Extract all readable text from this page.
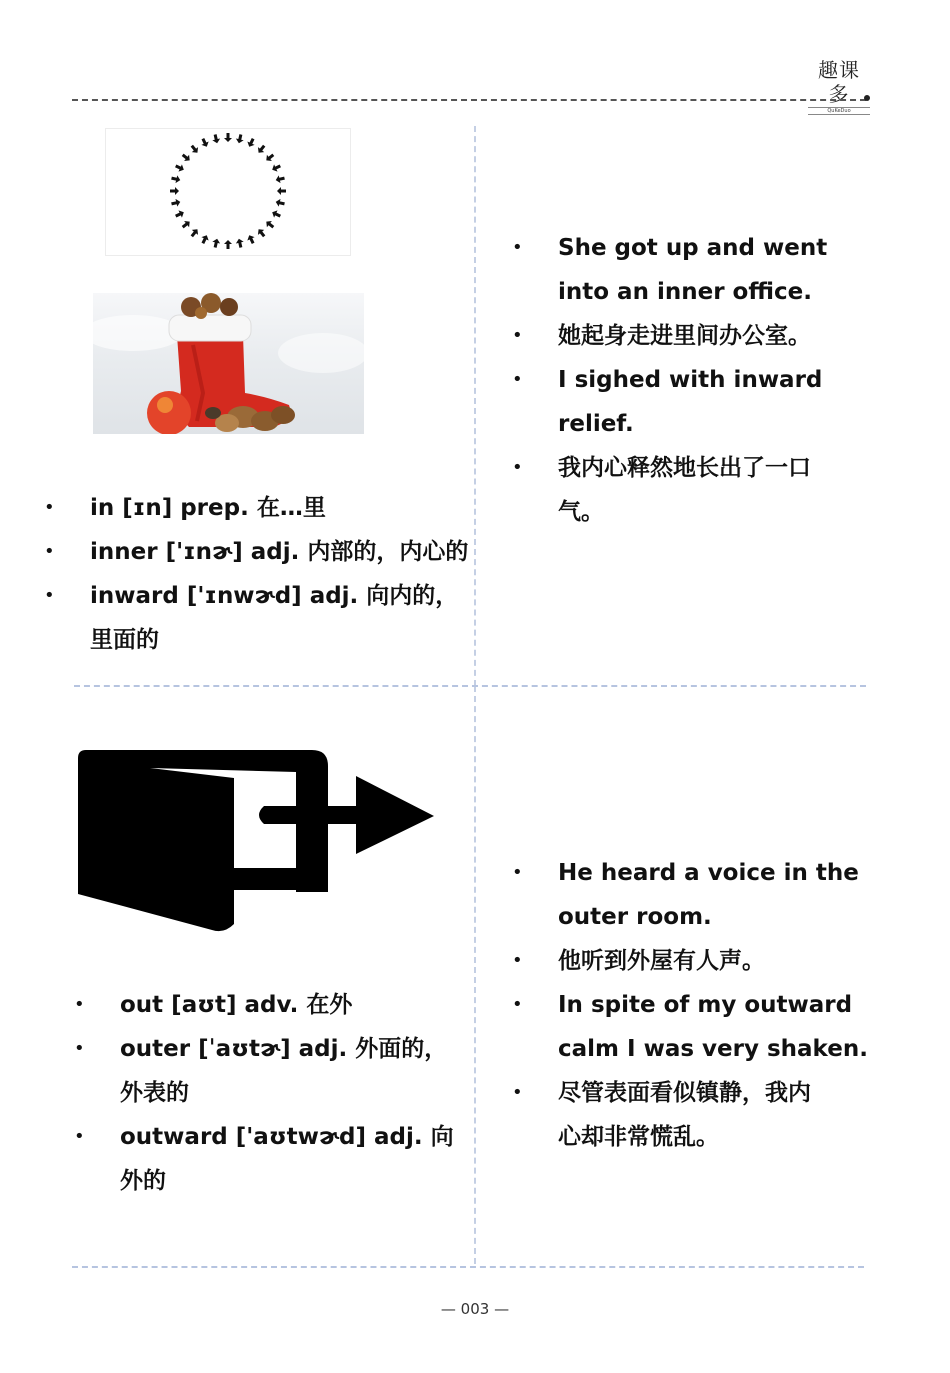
趣课多
QuKeDuo
• in [ɪn] prep. 在…里
• inner ['ɪnɚ] adj. 内部的，内心的
• inward ['ɪnwɚd] adj. 向内的，
里面的
• She got up and went
into an inner office.
• 她起身走进里间办公室。
• I sighed with inward
relief.
• 我内心释然地长出了一口
气。
• out [aʊt] adv. 在外
• outer [ˈaʊtɚ] adj. 外面的，
外表的
• outward ['aʊtwɚd] adj. 向
外的
• He heard a voice in the
outer room.
• 他听到外屋有人声。
• In spite of my outward
calm I was very shaken.
• 尽管表面看似镇静，我内
心却非常慌乱。
— 003 —
